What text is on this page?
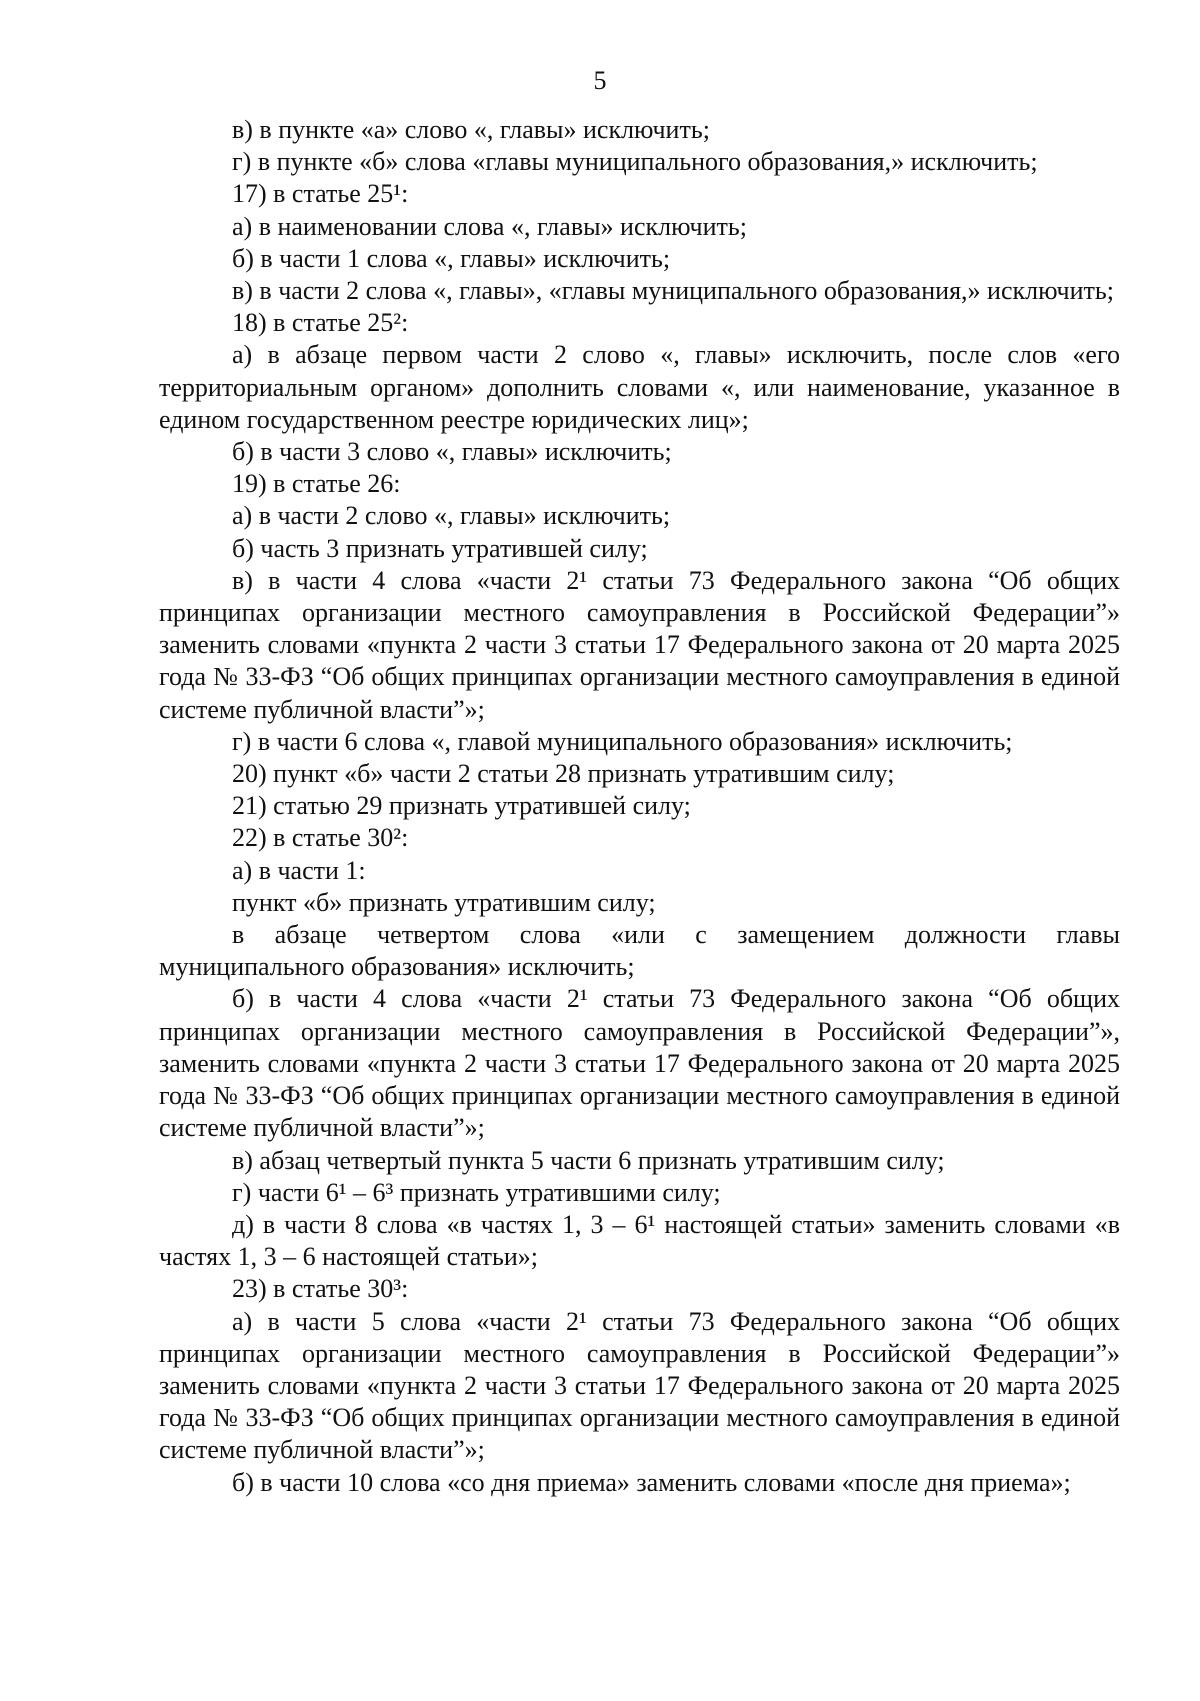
5

в) в пункте «а» слово «, главы» исключить;

г) в пункте «б» слова «главы муниципального образования,» исключить;

17) в статье 25¹:

а) в наименовании слова «, главы» исключить;

б) в части 1 слова «, главы» исключить;

в) в части 2 слова «, главы», «главы муниципального образования,» исключить;

18) в статье 25²:

а) в абзаце первом части 2 слово «, главы» исключить, после слов «его территориальным органом» дополнить словами «, или наименование, указанное в едином государственном реестре юридических лиц»;

б) в части 3 слово «, главы» исключить;

19) в статье 26:

а) в части 2 слово «, главы» исключить;

б) часть 3 признать утратившей силу;

в) в части 4 слова «части 2¹ статьи 73 Федерального закона “Об общих принципах организации местного самоуправления в Российской Федерации”» заменить словами «пункта 2 части 3 статьи 17 Федерального закона от 20 марта 2025 года № 33-ФЗ “Об общих принципах организации местного самоуправления в единой системе публичной власти”»;

г) в части 6 слова «, главой муниципального образования» исключить;

20) пункт «б» части 2 статьи 28 признать утратившим силу;

21) статью 29 признать утратившей силу;

22) в статье 30²:

а) в части 1:

пункт «б» признать утратившим силу;

в абзаце четвертом слова «или с замещением должности главы муниципального образования» исключить;

б) в части 4 слова «части 2¹ статьи 73 Федерального закона “Об общих принципах организации местного самоуправления в Российской Федерации”», заменить словами «пункта 2 части 3 статьи 17 Федерального закона от 20 марта 2025 года № 33-ФЗ “Об общих принципах организации местного самоуправления в единой системе публичной власти”»;

в) абзац четвертый пункта 5 части 6 признать утратившим силу;

г) части 6¹ – 6³ признать утратившими силу;

д) в части 8 слова «в частях 1, 3 – 6¹ настоящей статьи» заменить словами «в частях 1, 3 – 6 настоящей статьи»;

23) в статье 30³:

а) в части 5 слова «части 2¹ статьи 73 Федерального закона “Об общих принципах организации местного самоуправления в Российской Федерации”» заменить словами «пункта 2 части 3 статьи 17 Федерального закона от 20 марта 2025 года № 33-ФЗ “Об общих принципах организации местного самоуправления в единой системе публичной власти”»;

б) в части 10 слова «со дня приема» заменить словами «после дня приема»;
